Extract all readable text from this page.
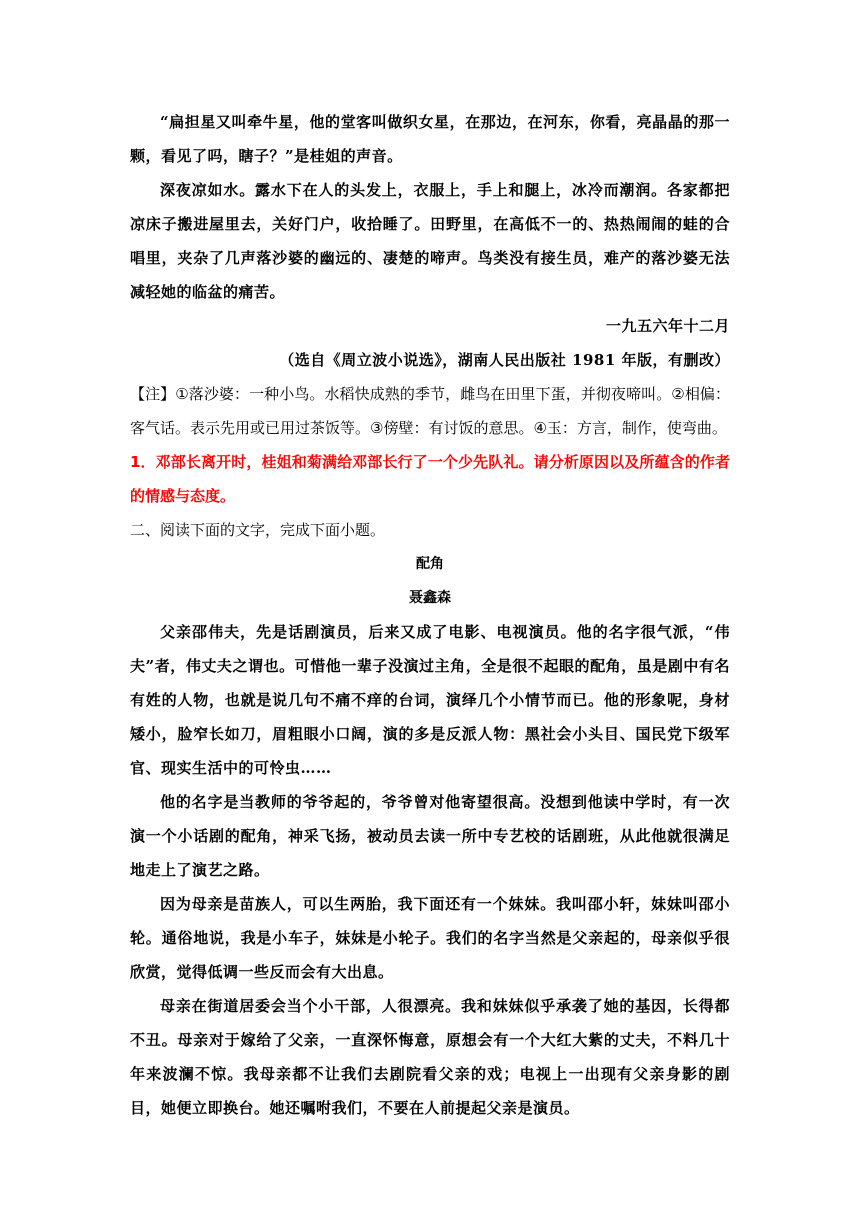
“扁担星又叫牵牛星，他的堂客叫做织女星，在那边，在河东，你看，亮晶晶的那一颗，看见了吗，瞎子？”是桂姐的声音。

深夜凉如水。露水下在人的头发上，衣服上，手上和腿上，冰冷而潮润。各家都把凉床子搬进屋里去，关好门户，收拾睡了。田野里，在高低不一的、热热闹闹的蛙的合唱里，夹杂了几声落沙婆的幽远的、凄楚的啼声。鸟类没有接生员，难产的落沙婆无法减轻她的临盆的痛苦。

一九五六年十二月

（选自《周立波小说选》，湖南人民出版社 1981 年版，有删改）

【注】①落沙婆：一种小鸟。水稻快成熟的季节，雌鸟在田里下蛋，并彻夜啼叫。②相偏：客气话。表示先用或已用过茶饭等。③傍壁：有讨饭的意思。④玉：方言，制作，使弯曲。

1．邓部长离开时，桂姐和菊满给邓部长行了一个少先队礼。请分析原因以及所蕴含的作者的情感与态度。

二、阅读下面的文字，完成下面小题。

配角

聂鑫森

父亲邵伟夫，先是话剧演员，后来又成了电影、电视演员。他的名字很气派，“伟夫”者，伟丈夫之谓也。可惜他一辈子没演过主角，全是很不起眼的配角，虽是剧中有名有姓的人物，也就是说几句不痛不痒的台词，演绎几个小情节而已。他的形象呢，身材矮小，脸窄长如刀，眉粗眼小口阔，演的多是反派人物：黑社会小头目、国民党下级军官、现实生活中的可怜虫……

他的名字是当教师的爷爷起的，爷爷曾对他寄望很高。没想到他读中学时，有一次演一个小话剧的配角，神采飞扬，被动员去读一所中专艺校的话剧班，从此他就很满足地走上了演艺之路。

因为母亲是苗族人，可以生两胎，我下面还有一个妹妹。我叫邵小轩，妹妹叫邵小轮。通俗地说，我是小车子，妹妹是小轮子。我们的名字当然是父亲起的，母亲似乎很欣赏，觉得低调一些反而会有大出息。

母亲在街道居委会当个小干部，人很漂亮。我和妹妹似乎承袭了她的基因，长得都不丑。母亲对于嫁给了父亲，一直深怀悔意，原想会有一个大红大紫的丈夫，不料几十年来波澜不惊。我母亲都不让我们去剧院看父亲的戏；电视上一出现有父亲身影的剧目，她便立即换台。她还嘱咐我们，不要在人前提起父亲是演员。
